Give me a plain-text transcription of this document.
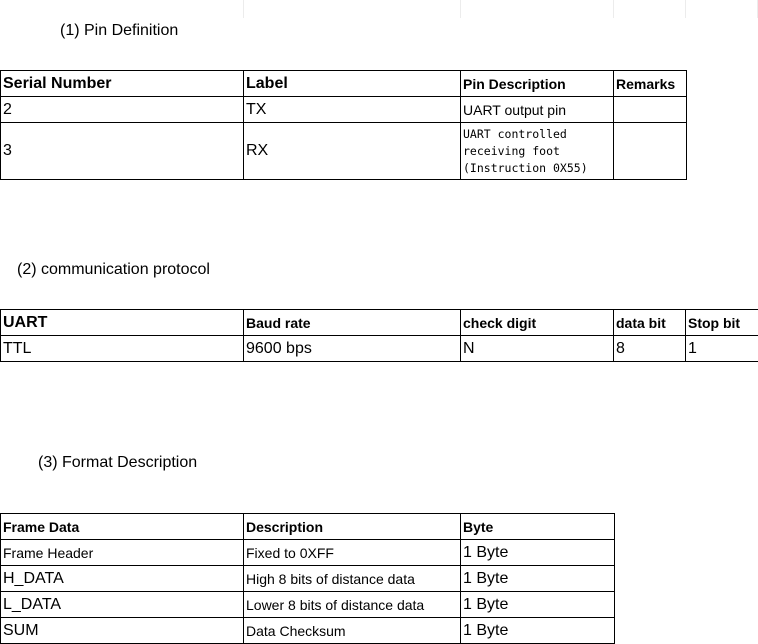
(1) Pin Definition
Serial Number	Label	Pin Description	Remarks
2	TX	UART output pin	
3	RX	UART controlled
receiving foot
(Instruction 0X55)	

(2) communication protocol
UART	Baud rate	check digit	data bit	Stop bit
TTL	9600 bps	N	8	1
(3) Format Description
Frame Data	Description	Byte
Frame Header	Fixed to 0XFF	1 Byte
H_DATA	High 8 bits of distance data	1 Byte
L_DATA	Lower 8 bits of distance data	1 Byte
SUM	Data Checksum	1 Byte
